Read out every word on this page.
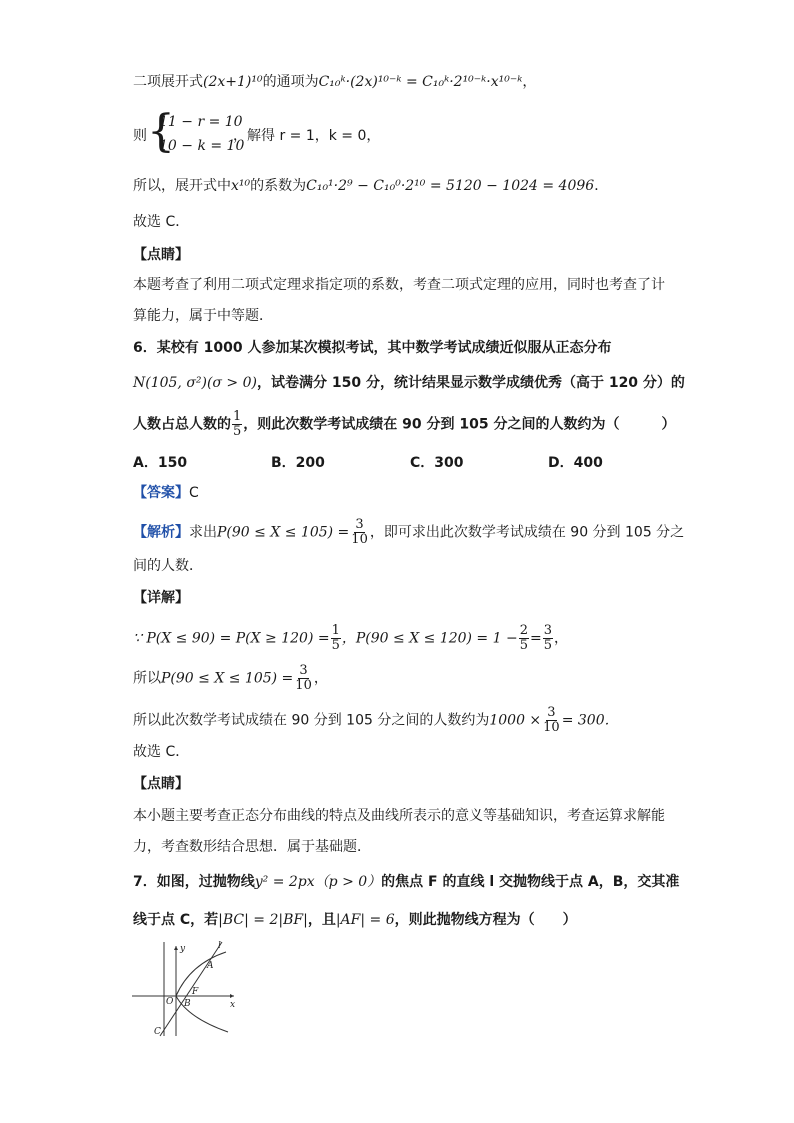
二项展开式(2x+1)¹⁰的通项为C₁₀ᵏ·(2x)¹⁰⁻ᵏ = C₁₀ᵏ·2¹⁰⁻ᵏ·x¹⁰⁻ᵏ，
则 {
11 − r = 10
10 − k = 10
，解得 r = 1，k = 0，
所以，展开式中x¹⁰的系数为C₁₀¹·2⁹ − C₁₀⁰·2¹⁰ = 5120 − 1024 = 4096．
故选 C．
【点睛】
本题考查了利用二项式定理求指定项的系数，考查二项式定理的应用，同时也考查了计
算能力，属于中等题．
6．某校有 1000 人参加某次模拟考试，其中数学考试成绩近似服从正态分布
N(105, σ²)(σ > 0)，试卷满分 150 分，统计结果显示数学成绩优秀（高于 120 分）的
人数占总人数的 $\frac{1}{5}$ ，则此次数学考试成绩在 90 分到 105 分之间的人数约为（　　　）
A．150	B．200	C．300	D．400
【答案】C
【解析】求出$P(90 \le X \le 105) = \frac{3}{10}$ ，即可求出此次数学考试成绩在 90 分到 105 分之
间的人数．
【详解】
∵ $P(X \le 90) = P(X \ge 120) = \frac{1}{5}$ ，$P(90 \le X \le 120) = 1 - \frac{2}{5} = \frac{3}{5}$ ，
所以$P(90 \le X \le 105) = \frac{3}{10}$ ，
所以此次数学考试成绩在 90 分到 105 分之间的人数约为$1000 \times \frac{3}{10} = 300$．
故选 C．
【点睛】
本小题主要考查正态分布曲线的特点及曲线所表示的意义等基础知识，考查运算求解能
力，考查数形结合思想．属于基础题．
7．如图，过抛物线y² = 2px（p > 0）的焦点 F 的直线 l 交抛物线于点 A，B，交其准
线于点 C，若|BC| = 2|BF|，且|AF| = 6，则此抛物线方程为（　　）
y
x
l
A
F
O B
C
